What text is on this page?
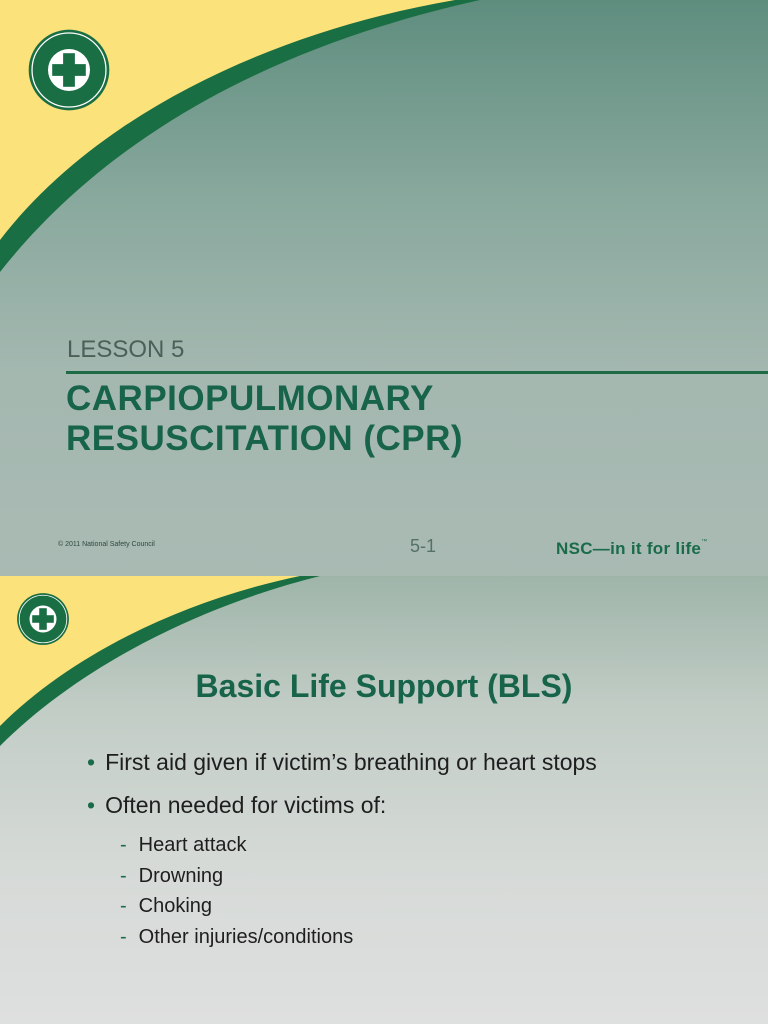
LESSON 5
CARPIOPULMONARY
RESUSCITATION (CPR)
© 2011 National Safety Council	5-1	NSC—in it for life™
Basic Life Support (BLS)
• First aid given if victim’s breathing or heart stops
• Often needed for victims of:
- Heart attack
- Drowning
- Choking
- Other injuries/conditions
